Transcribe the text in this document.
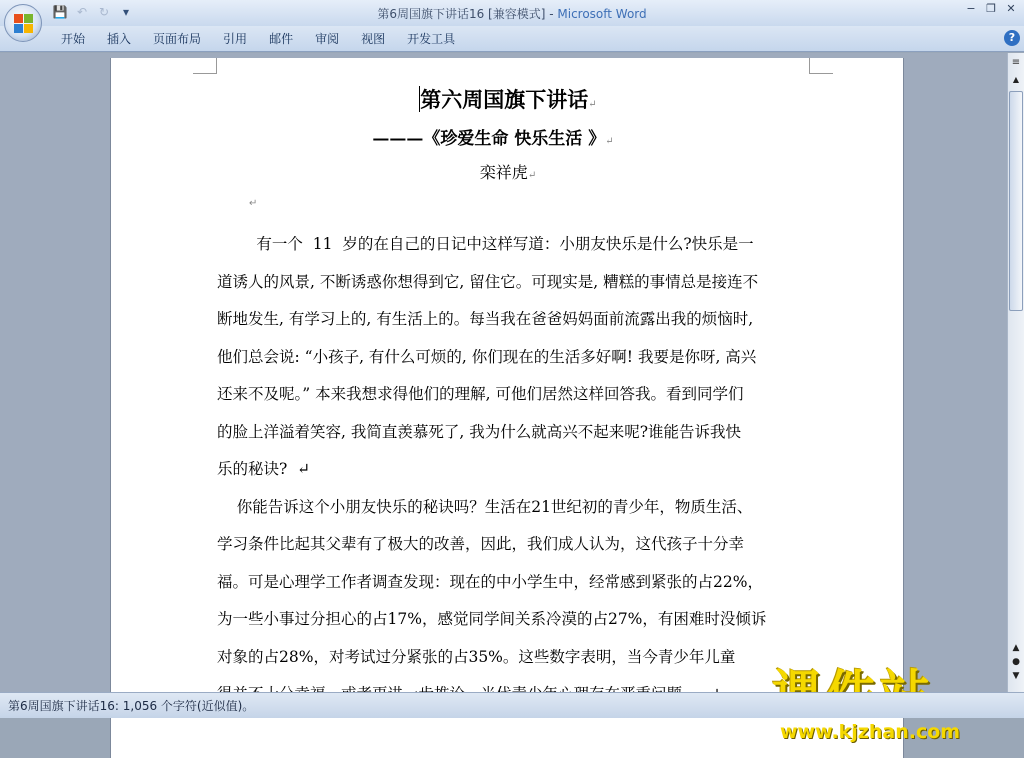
💾 ↶ ↻	▾	第6周国旗下讲话16 [兼容模式] - Microsoft Word	− ❐ ✕
开始	插入	页面布局	引用	邮件	审阅	视图	开发工具	?
第六周国旗下讲话↵
———《珍爱生命 快乐生活 》↵
栾祥虎↵
↵
有一个  11  岁的在自己的日记中这样写道：小朋友快乐是什么?快乐是一
道诱人的风景, 不断诱惑你想得到它, 留住它。可现实是, 糟糕的事情总是接连不
断地发生, 有学习上的, 有生活上的。每当我在爸爸妈妈面前流露出我的烦恼时,
他们总会说: “小孩子, 有什么可烦的, 你们现在的生活多好啊! 我要是你呀, 高兴
还来不及呢。” 本来我想求得他们的理解, 可他们居然这样回答我。看到同学们
的脸上洋溢着笑容, 我简直羡慕死了, 我为什么就高兴不起来呢?谁能告诉我快
乐的秘诀?  ↵
你能告诉这个小朋友快乐的秘诀吗？生活在21世纪初的青少年，物质生活、
学习条件比起其父辈有了极大的改善，因此，我们成人认为，这代孩子十分幸
福。可是心理学工作者调查发现：现在的中小学生中，经常感到紧张的占22%，
为一些小事过分担心的占17%，感觉同学间关系冷漠的占27%，有困难时没倾诉
对象的占28%，对考试过分紧张的占35%。这些数字表明，当今青少年儿童
www.kjzhan.com
≡
▲
▲
●
▼
第6周国旗下讲话16: 1,056 个字符(近似值)。
